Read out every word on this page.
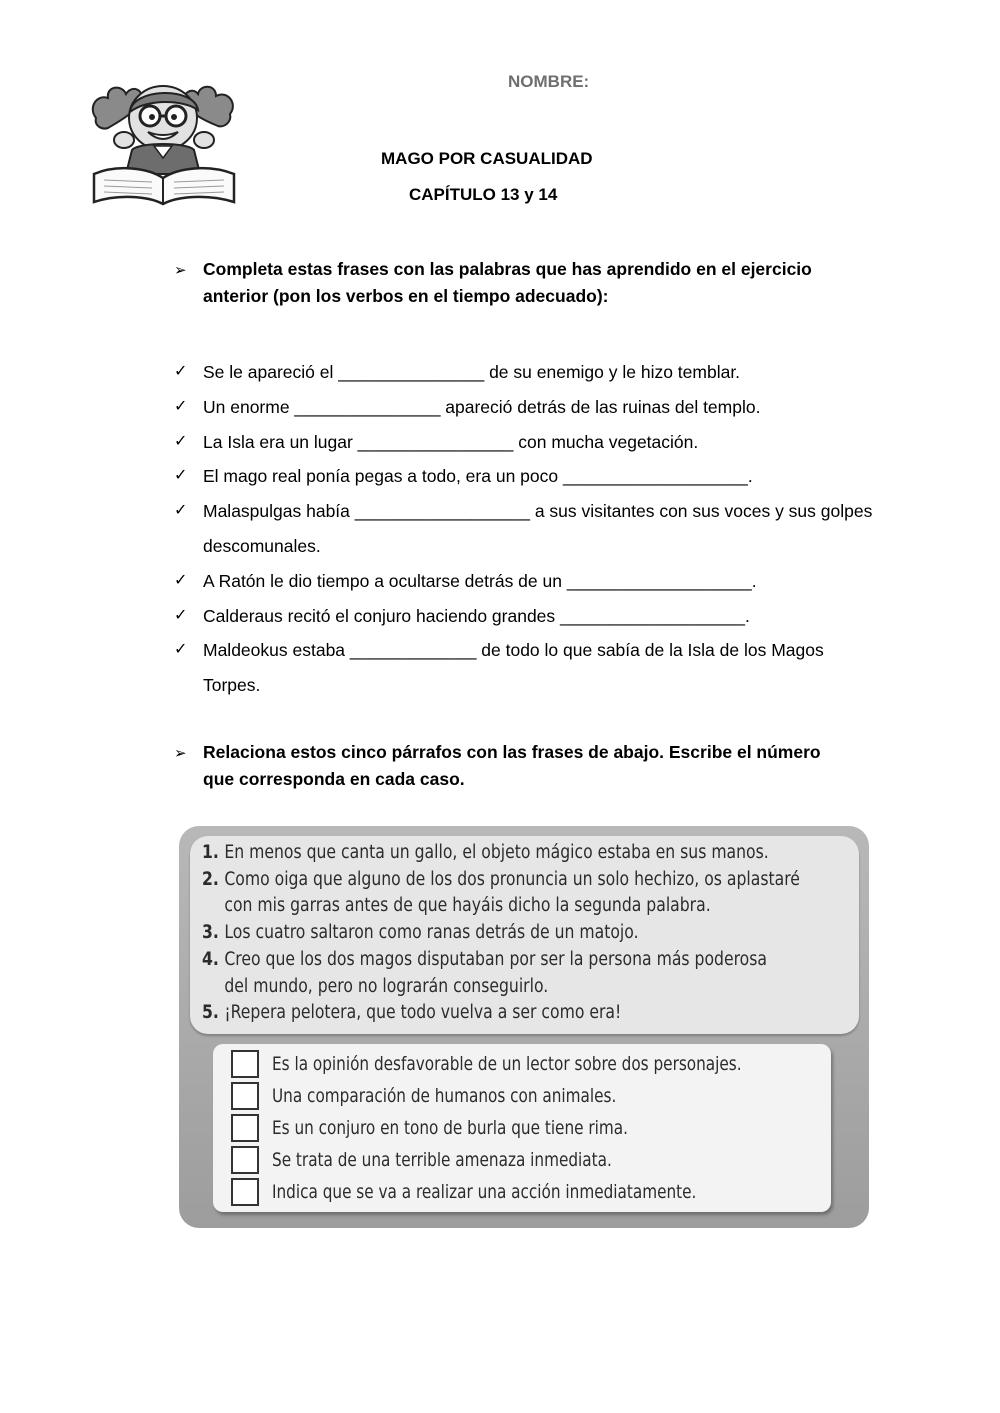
NOMBRE:
MAGO POR CASUALIDAD
CAPÍTULO 13 y 14
➢ Completa estas frases con las palabras que has aprendido en el ejercicio anterior (pon los verbos en el tiempo adecuado):
✓ Se le apareció el _______________ de su enemigo y le hizo temblar.
✓ Un enorme _______________ apareció detrás de las ruinas del templo.
✓ La Isla era un lugar ________________ con mucha vegetación.
✓ El mago real ponía pegas a todo, era un poco ___________________.
✓ Malaspulgas había __________________ a sus visitantes con sus voces y sus golpes descomunales.
✓ A Ratón le dio tiempo a ocultarse detrás de un ___________________.
✓ Calderaus recitó el conjuro haciendo grandes ___________________.
✓ Maldeokus estaba _____________ de todo lo que sabía de la Isla de los Magos Torpes.
➢ Relaciona estos cinco párrafos con las frases de abajo. Escribe el número que corresponda en cada caso.
1. En menos que canta un gallo, el objeto mágico estaba en sus manos.
2. Como oiga que alguno de los dos pronuncia un solo hechizo, os aplastaré
con mis garras antes de que hayáis dicho la segunda palabra.
3. Los cuatro saltaron como ranas detrás de un matojo.
4. Creo que los dos magos disputaban por ser la persona más poderosa
del mundo, pero no lograrán conseguirlo.
5. ¡Repera pelotera, que todo vuelva a ser como era!
Es la opinión desfavorable de un lector sobre dos personajes.
Una comparación de humanos con animales.
Es un conjuro en tono de burla que tiene rima.
Se trata de una terrible amenaza inmediata.
Indica que se va a realizar una acción inmediatamente.
